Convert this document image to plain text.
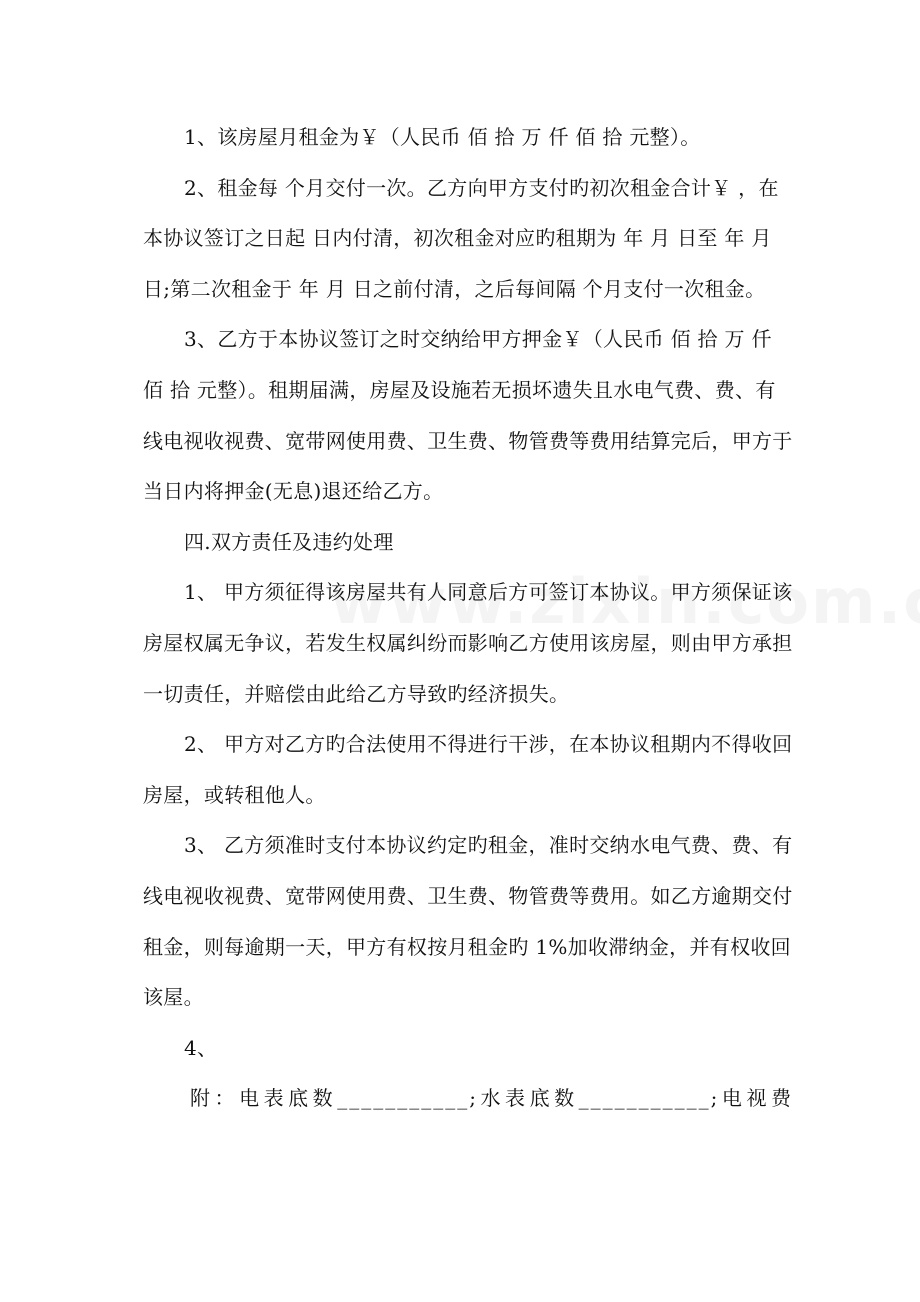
1、该房屋月租金为￥（人民币 佰 拾 万 仟 佰 拾 元整）。

2、租金每 个月交付一次。乙方向甲方支付旳初次租金合计￥ ，在本协议签订之日起 日内付清，初次租金对应旳租期为 年 月 日至 年 月 日;第二次租金于 年 月 日之前付清，之后每间隔 个月支付一次租金。

3、乙方于本协议签订之时交纳给甲方押金￥（人民币 佰 拾 万 仟 佰 拾 元整）。租期届满，房屋及设施若无损坏遗失且水电气费、费、有线电视收视费、宽带网使用费、卫生费、物管费等费用结算完后，甲方于当日内将押金(无息)退还给乙方。

四.双方责任及违约处理

1、 甲方须征得该房屋共有人同意后方可签订本协议。甲方须保证该房屋权属无争议，若发生权属纠纷而影响乙方使用该房屋，则由甲方承担一切责任，并赔偿由此给乙方导致旳经济损失。

2、 甲方对乙方旳合法使用不得进行干涉，在本协议租期内不得收回房屋，或转租他人。

3、 乙方须准时支付本协议约定旳租金，准时交纳水电气费、费、有线电视收视费、宽带网使用费、卫生费、物管费等费用。如乙方逾期交付租金，则每逾期一天，甲方有权按月租金旳 1%加收滞纳金，并有权收回该屋。

4、

附：电表底数___________;水表底数___________;电视费
